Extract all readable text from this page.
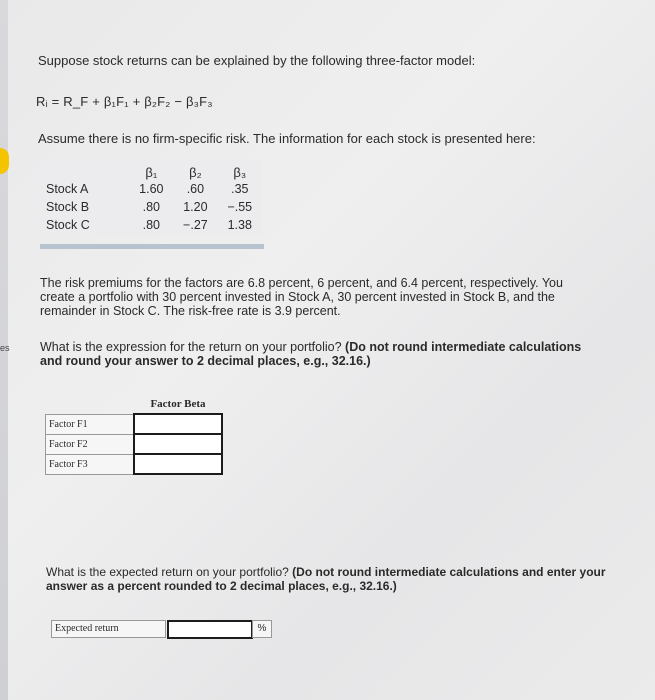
es
Suppose stock returns can be explained by the following three-factor model:
Rᵢ = R_F + β₁F₁ + β₂F₂ − β₃F₃
Assume there is no firm-specific risk. The information for each stock is presented here:
	β₁	β₂	β₃
Stock A	1.60	.60	.35
Stock B	.80	1.20	−.55
Stock C	.80	−.27	1.38
The risk premiums for the factors are 6.8 percent, 6 percent, and 6.4 percent, respectively. You create a portfolio with 30 percent invested in Stock A, 30 percent invested in Stock B, and the remainder in Stock C. The risk-free rate is 3.9 percent.
What is the expression for the return on your portfolio? (Do not round intermediate calculations and round your answer to 2 decimal places, e.g., 32.16.)
	Factor Beta
Factor F1	
Factor F2	
Factor F3	
What is the expected return on your portfolio? (Do not round intermediate calculations and enter your answer as a percent rounded to 2 decimal places, e.g., 32.16.)
Expected return	%
